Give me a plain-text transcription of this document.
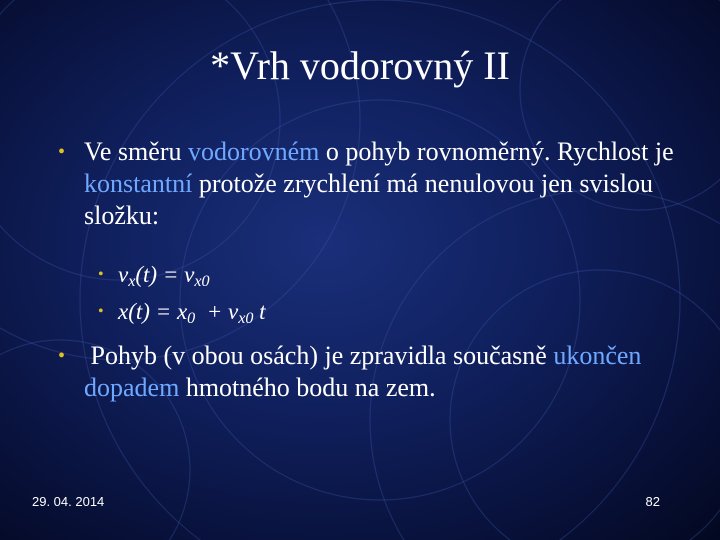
*Vrh vodorovný II
• Ve směru vodorovném o pohyb rovnoměrný. Rychlost je konstantní protože zrychlení má nenulovou jen svislou složku:
• $v_x(t) = v_{x0}$
• $x(t) = x_0 + v_{x0}$ t
• Pohyb (v obou osách) je zpravidla současně ukončen dopadem hmotného bodu na zem.
29. 04. 2014	82
